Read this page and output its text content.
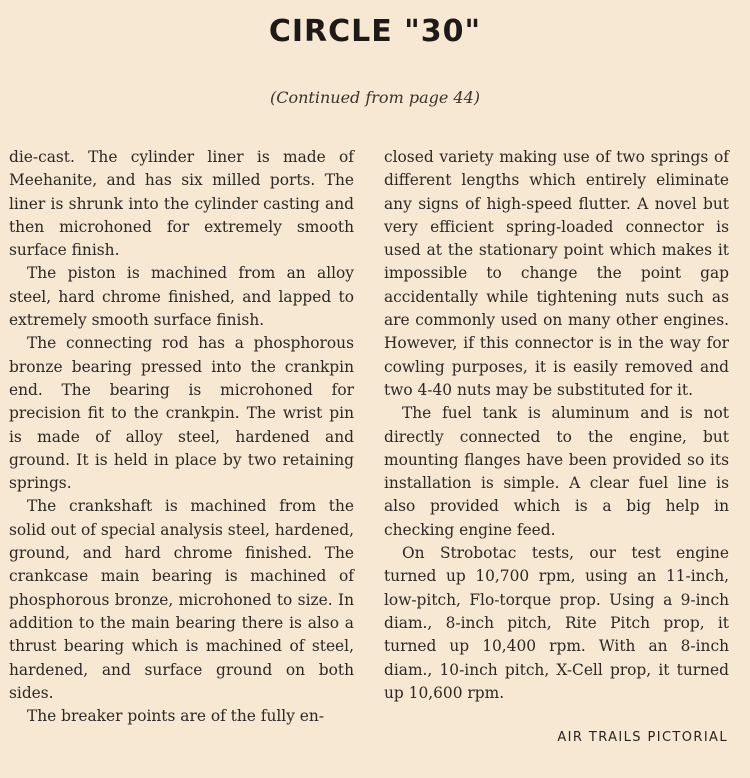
CIRCLE "30"
(Continued from page 44)

die-cast. The cylinder liner is made of Meehanite, and has six milled ports. The liner is shrunk into the cylinder casting and then microhoned for extremely smooth surface finish.

The piston is machined from an alloy steel, hard chrome finished, and lapped to extremely smooth surface finish.

The connecting rod has a phosphorous bronze bearing pressed into the crankpin end. The bearing is microhoned for precision fit to the crankpin. The wrist pin is made of alloy steel, hardened and ground. It is held in place by two retaining springs.

The crankshaft is machined from the solid out of special analysis steel, hardened, ground, and hard chrome finished. The crankcase main bearing is machined of phosphorous bronze, microhoned to size. In addition to the main bearing there is also a thrust bearing which is machined of steel, hardened, and surface ground on both sides.

The breaker points are of the fully en-

closed variety making use of two springs of different lengths which entirely eliminate any signs of high-speed flutter. A novel but very efficient spring-loaded connector is used at the stationary point which makes it impossible to change the point gap accidentally while tightening nuts such as are commonly used on many other engines. However, if this connector is in the way for cowling purposes, it is easily removed and two 4-40 nuts may be substituted for it.

The fuel tank is aluminum and is not directly connected to the engine, but mounting flanges have been provided so its installation is simple. A clear fuel line is also provided which is a big help in checking engine feed.

On Strobotac tests, our test engine turned up 10,700 rpm, using an 11-inch, low-pitch, Flo-torque prop. Using a 9-inch diam., 8-inch pitch, Rite Pitch prop, it turned up 10,400 rpm. With an 8-inch diam., 10-inch pitch, X-Cell prop, it turned up 10,600 rpm.

AIR TRAILS PICTORIAL
